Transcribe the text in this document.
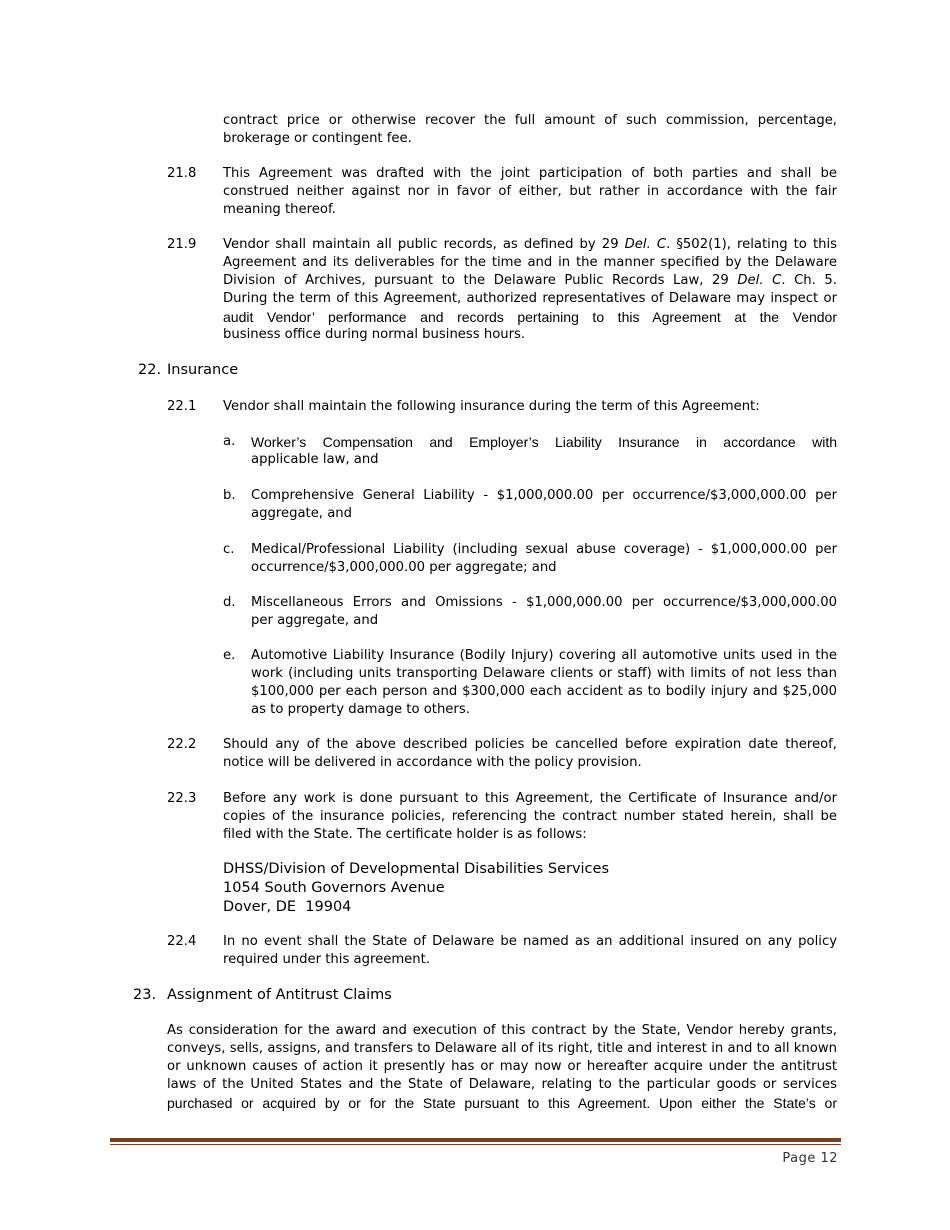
contract price or otherwise recover the full amount of such commission, percentage,
brokerage or contingent fee.
21.8 This Agreement was drafted with the joint participation of both parties and shall be
construed neither against nor in favor of either, but rather in accordance with the fair
meaning thereof.
21.9 Vendor shall maintain all public records, as defined by 29 Del. C. §502(1), relating to this
Agreement and its deliverables for the time and in the manner specified by the Delaware
Division of Archives, pursuant to the Delaware Public Records Law, 29 Del. C. Ch. 5.
During the term of this Agreement, authorized representatives of Delaware may inspect or
audit Vendor’ performance and records pertaining to this Agreement at the Vendor
business office during normal business hours.
22. Insurance
22.1 Vendor shall maintain the following insurance during the term of this Agreement:
a. Worker’s Compensation and Employer’s Liability Insurance in accordance with
applicable law, and
b. Comprehensive General Liability - $1,000,000.00 per occurrence/$3,000,000.00 per
aggregate, and
c. Medical/Professional Liability (including sexual abuse coverage) - $1,000,000.00 per
occurrence/$3,000,000.00 per aggregate; and
d. Miscellaneous Errors and Omissions - $1,000,000.00 per occurrence/$3,000,000.00
per aggregate, and
e. Automotive Liability Insurance (Bodily Injury) covering all automotive units used in the
work (including units transporting Delaware clients or staff) with limits of not less than
$100,000 per each person and $300,000 each accident as to bodily injury and $25,000
as to property damage to others.
22.2 Should any of the above described policies be cancelled before expiration date thereof,
notice will be delivered in accordance with the policy provision.
22.3 Before any work is done pursuant to this Agreement, the Certificate of Insurance and/or
copies of the insurance policies, referencing the contract number stated herein, shall be
filed with the State. The certificate holder is as follows:
DHSS/Division of Developmental Disabilities Services
1054 South Governors Avenue
Dover, DE  19904
22.4 In no event shall the State of Delaware be named as an additional insured on any policy
required under this agreement.
23. Assignment of Antitrust Claims
As consideration for the award and execution of this contract by the State, Vendor hereby grants,
conveys, sells, assigns, and transfers to Delaware all of its right, title and interest in and to all known
or unknown causes of action it presently has or may now or hereafter acquire under the antitrust
laws of the United States and the State of Delaware, relating to the particular goods or services
purchased or acquired by or for the State pursuant to this Agreement. Upon either the State’s or
Page 12
